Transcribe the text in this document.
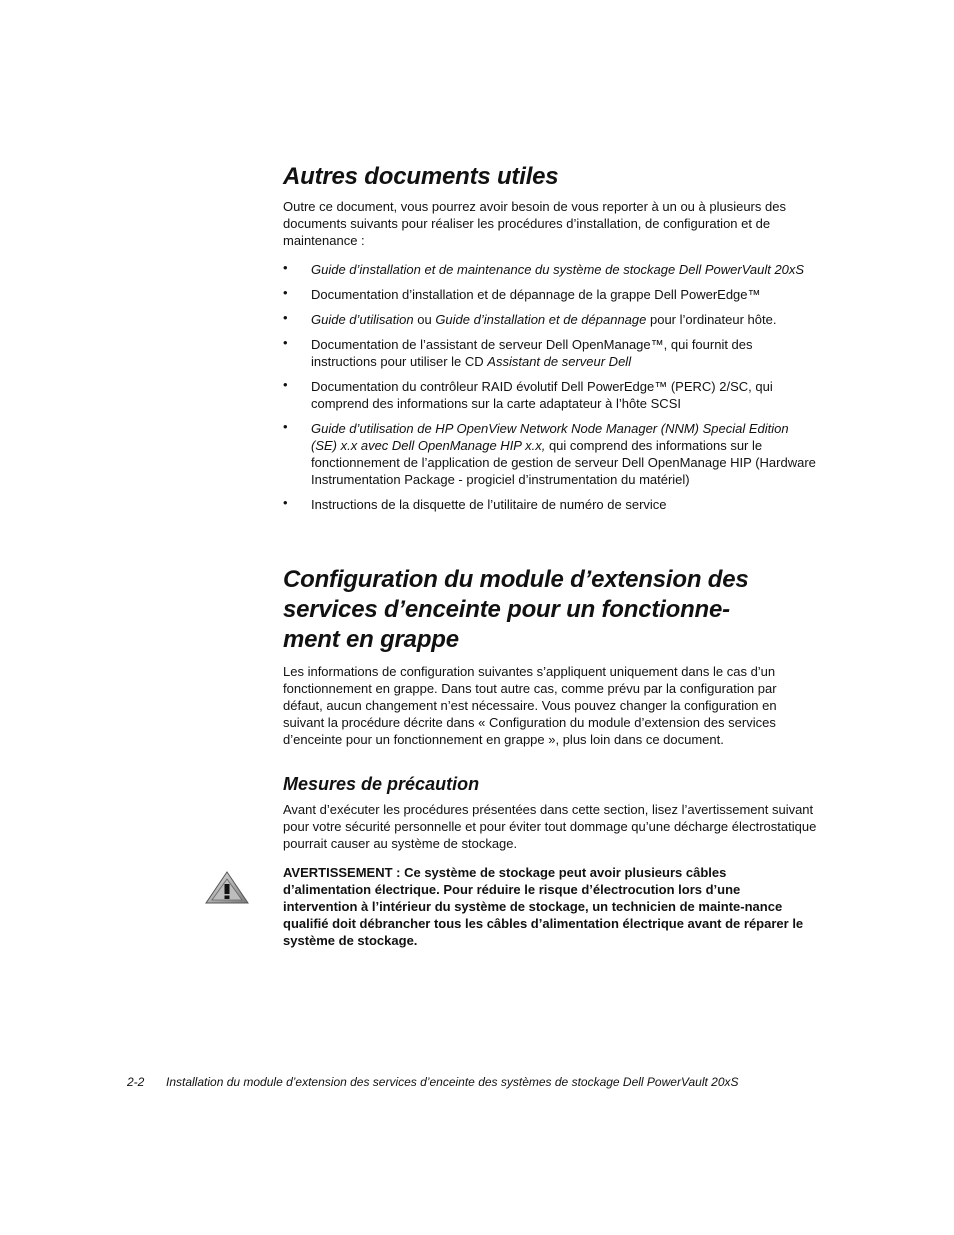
Autres documents utiles

Outre ce document, vous pourrez avoir besoin de vous reporter à un ou à plusieurs des documents suivants pour réaliser les procédures d’installation, de configuration et de maintenance :

• Guide d’installation et de maintenance du système de stockage Dell PowerVault 20xS
• Documentation d’installation et de dépannage de la grappe Dell PowerEdge™
• Guide d’utilisation ou Guide d’installation et de dépannage pour l’ordinateur hôte.
• Documentation de l’assistant de serveur Dell OpenManage™, qui fournit des instructions pour utiliser le CD Assistant de serveur Dell
• Documentation du contrôleur RAID évolutif Dell PowerEdge™ (PERC) 2/SC, qui comprend des informations sur la carte adaptateur à l’hôte SCSI
• Guide d’utilisation de HP OpenView Network Node Manager (NNM) Special Edition (SE) x.x avec Dell OpenManage HIP x.x, qui comprend des informations sur le fonctionnement de l’application de gestion de serveur Dell OpenManage HIP (Hardware Instrumentation Package - progiciel d’instrumentation du matériel)
• Instructions de la disquette de l’utilitaire de numéro de service
Configuration du module d’extension des
services d’enceinte pour un fonctionne-
ment en grappe

Les informations de configuration suivantes s’appliquent uniquement dans le cas d’un fonctionnement en grappe. Dans tout autre cas, comme prévu par la configuration par défaut, aucun changement n’est nécessaire. Vous pouvez changer la configuration en suivant la procédure décrite dans « Configuration du module d’extension des services d’enceinte pour un fonctionnement en grappe », plus loin dans ce document.

Mesures de précaution

Avant d’exécuter les procédures présentées dans cette section, lisez l’avertissement suivant pour votre sécurité personnelle et pour éviter tout dommage qu’une décharge électrostatique pourrait causer au système de stockage.

AVERTISSEMENT : Ce système de stockage peut avoir plusieurs câbles d’alimentation électrique. Pour réduire le risque d’électrocution lors d’une intervention à l’intérieur du système de stockage, un technicien de mainte-nance qualifié doit débrancher tous les câbles d’alimentation électrique avant de réparer le système de stockage.

2-2 Installation du module d’extension des services d’enceinte des systèmes de stockage Dell PowerVault 20xS
